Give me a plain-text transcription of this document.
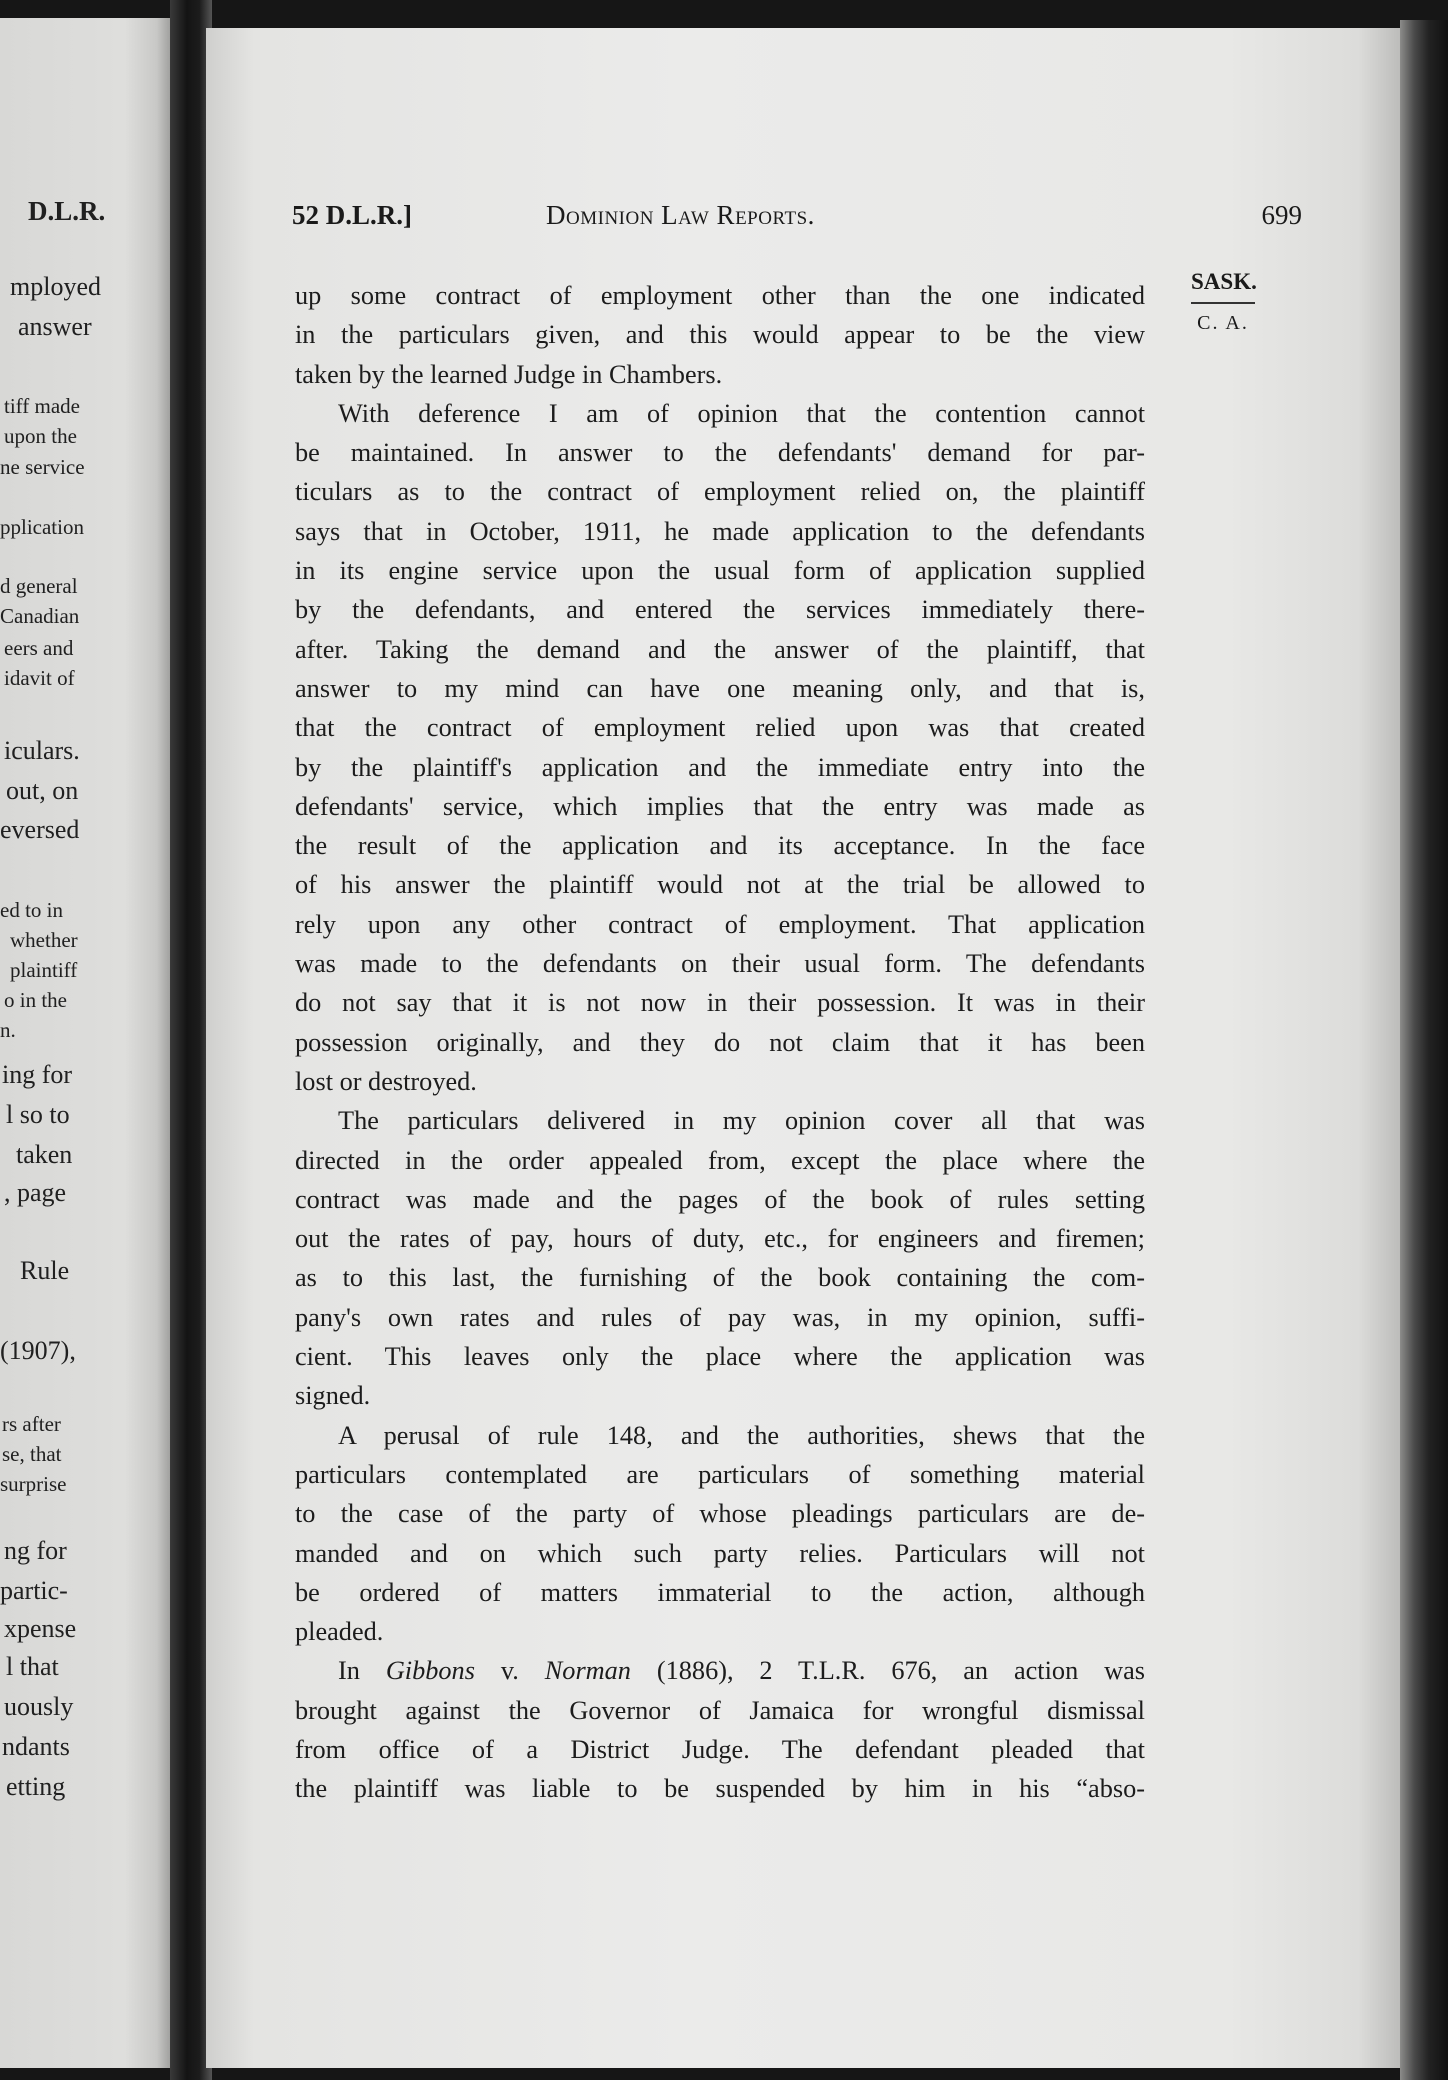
D.L.R.
mployed
answer
tiff made
upon the
ne service
pplication
d general
Canadian
eers and
idavit of
iculars.
out, on
eversed
ed to in
whether
plaintiff
o in the
n.
ing for
l so to
taken
, page
Rule
(1907),
rs after
se, that
surprise
ng for
partic-
xpense
l that
uously
ndants
etting
52 D.L.R.]	Dominion Law Reports.	699
SASK.
C. A.
up some contract of employment other than the one indicated
in the particulars given, and this would appear to be the view
taken by the learned Judge in Chambers.
With deference I am of opinion that the contention cannot
be maintained. In answer to the defendants' demand for par-
ticulars as to the contract of employment relied on, the plaintiff
says that in October, 1911, he made application to the defendants
in its engine service upon the usual form of application supplied
by the defendants, and entered the services immediately there-
after. Taking the demand and the answer of the plaintiff, that
answer to my mind can have one meaning only, and that is,
that the contract of employment relied upon was that created
by the plaintiff's application and the immediate entry into the
defendants' service, which implies that the entry was made as
the result of the application and its acceptance. In the face
of his answer the plaintiff would not at the trial be allowed to
rely upon any other contract of employment. That application
was made to the defendants on their usual form. The defendants
do not say that it is not now in their possession. It was in their
possession originally, and they do not claim that it has been
lost or destroyed.
The particulars delivered in my opinion cover all that was
directed in the order appealed from, except the place where the
contract was made and the pages of the book of rules setting
out the rates of pay, hours of duty, etc., for engineers and firemen;
as to this last, the furnishing of the book containing the com-
pany's own rates and rules of pay was, in my opinion, suffi-
cient. This leaves only the place where the application was
signed.
A perusal of rule 148, and the authorities, shews that the
particulars contemplated are particulars of something material
to the case of the party of whose pleadings particulars are de-
manded and on which such party relies. Particulars will not
be ordered of matters immaterial to the action, although
pleaded.
In Gibbons v. Norman (1886), 2 T.L.R. 676, an action was
brought against the Governor of Jamaica for wrongful dismissal
from office of a District Judge. The defendant pleaded that
the plaintiff was liable to be suspended by him in his “abso-
